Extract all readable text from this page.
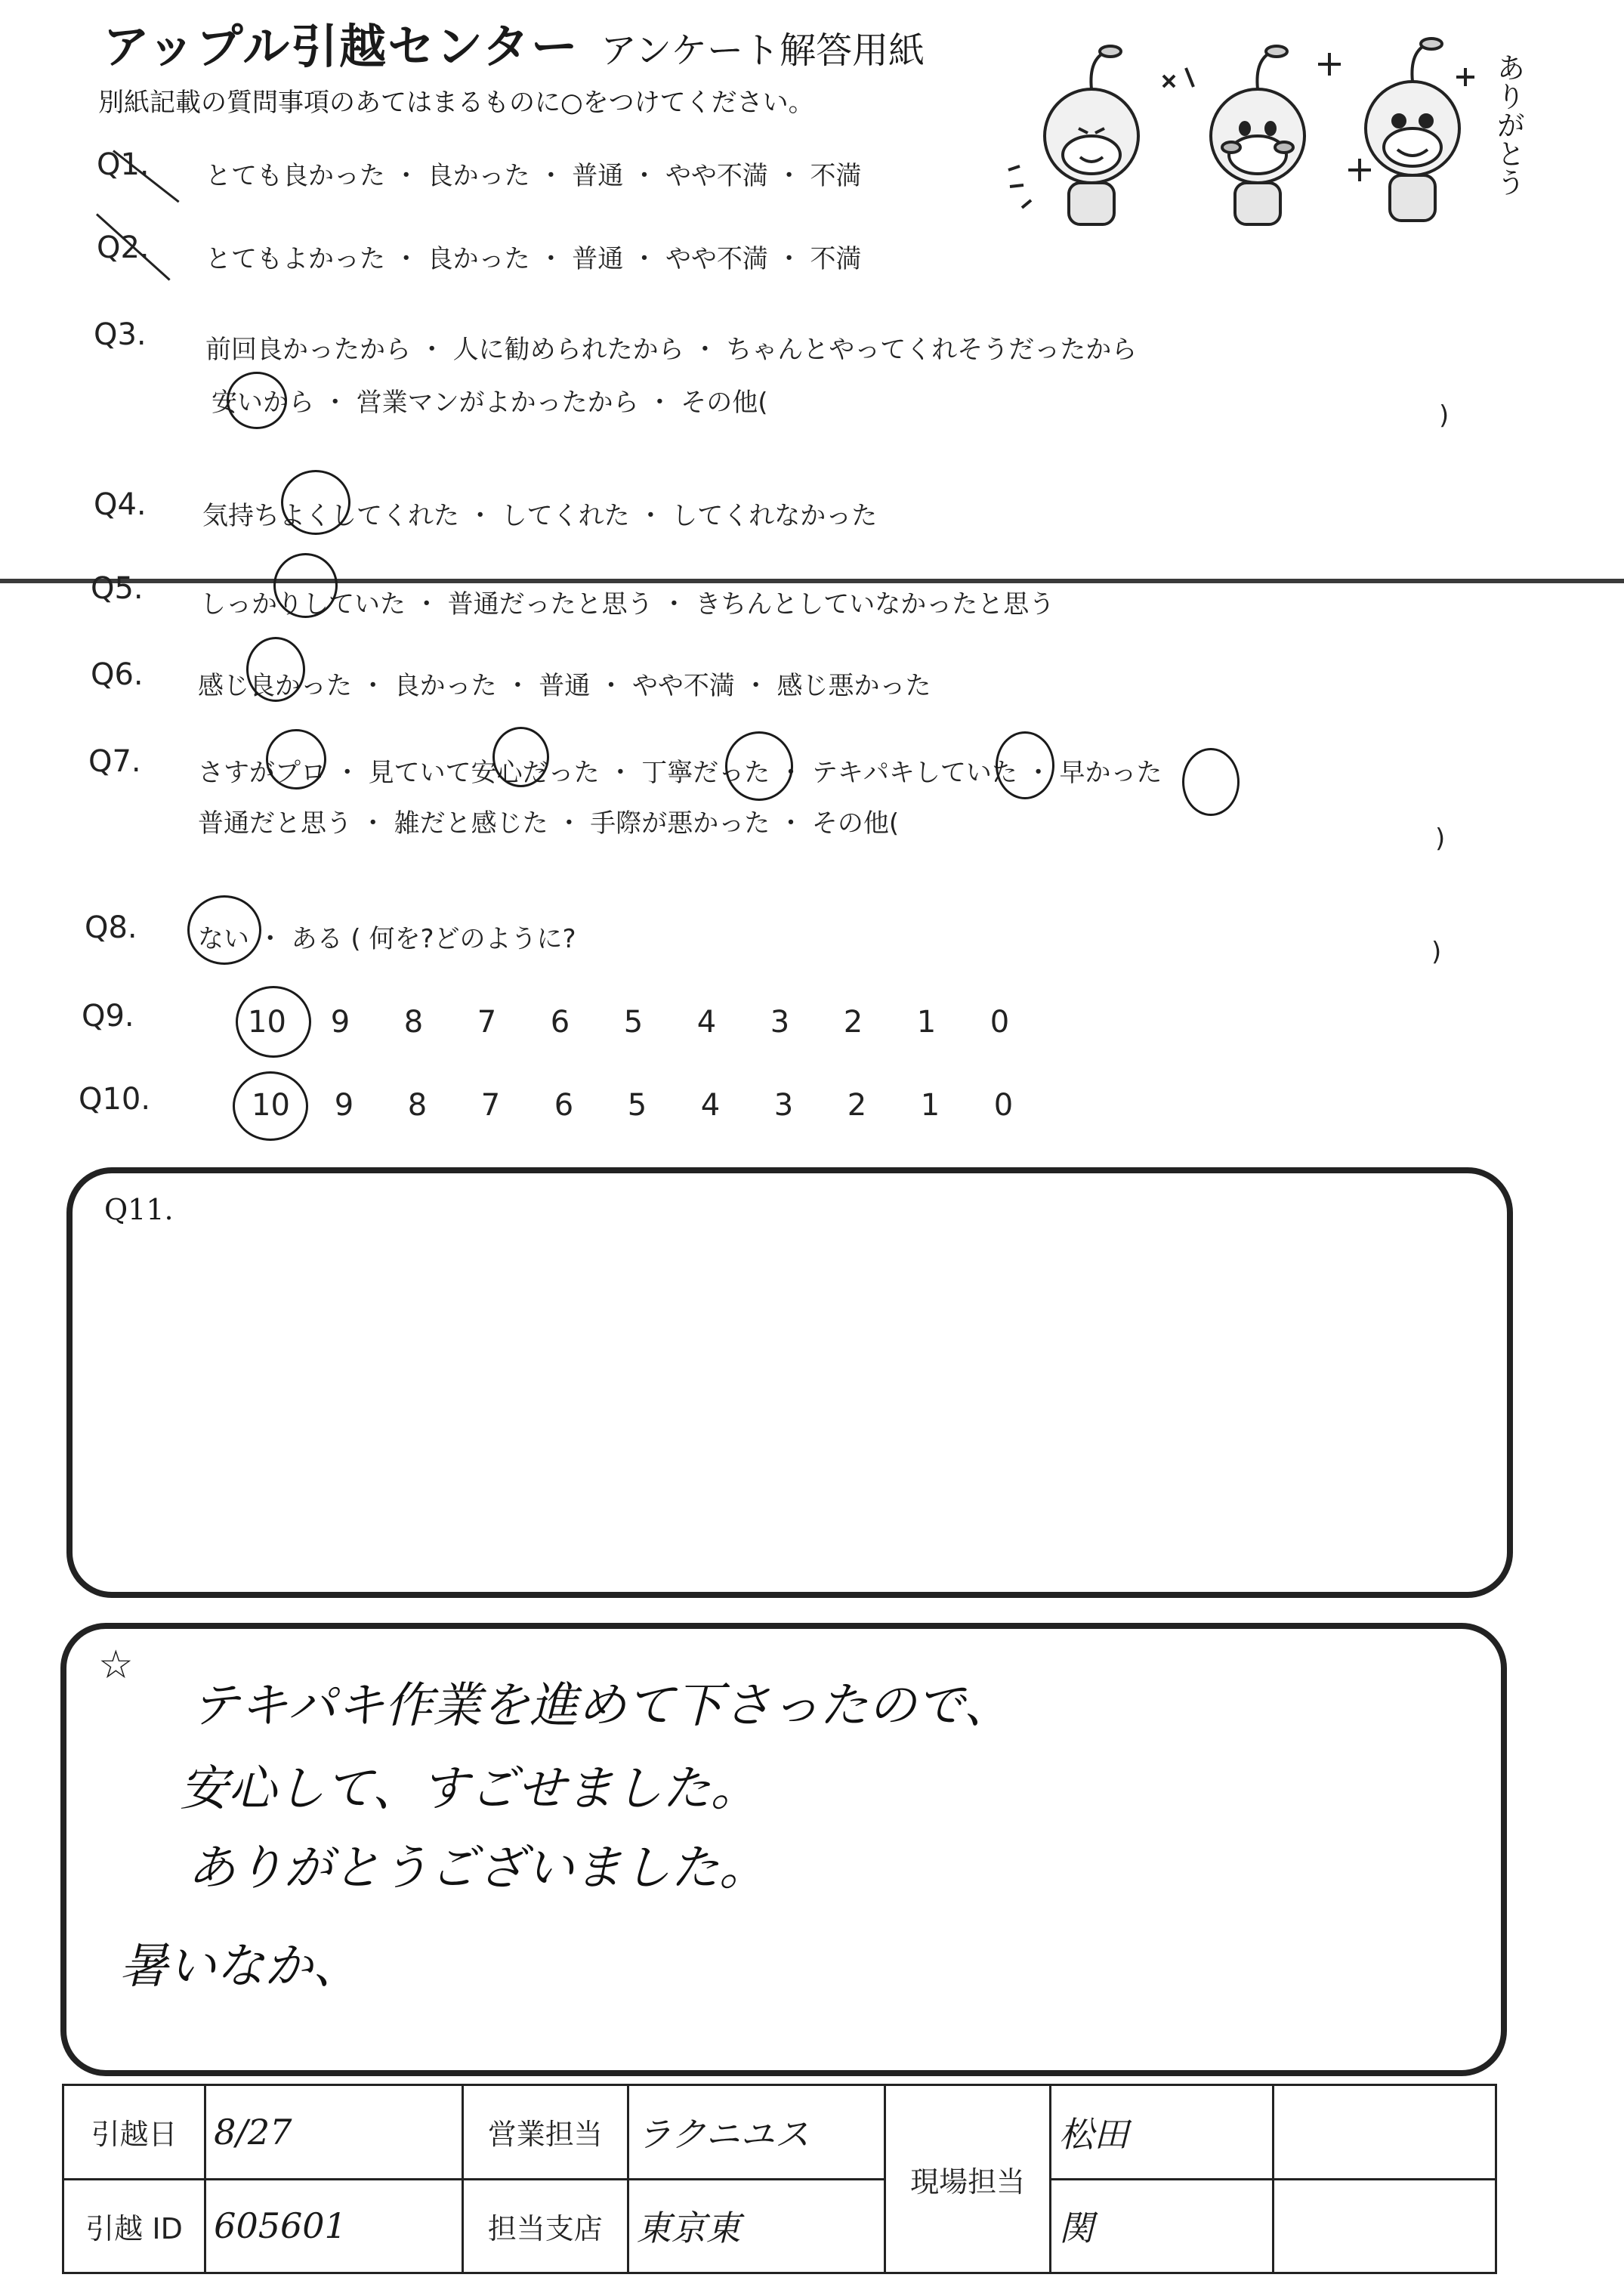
アップル引越センター アンケート解答用紙
別紙記載の質問事項のあてはまるものに○をつけてください。	ありがとう
Q1. とても良かった ・ 良かった ・ 普通 ・ やや不満 ・ 不満
Q2. とてもよかった ・ 良かった ・ 普通 ・ やや不満 ・ 不満
Q3. 前回良かったから ・ 人に勧められたから ・ ちゃんとやってくれそうだったから
安いから ・ 営業マンがよかったから ・ その他(	)
Q4. 気持ちよくしてくれた ・ してくれた ・ してくれなかった
Q5. しっかりしていた ・ 普通だったと思う ・ きちんとしていなかったと思う
Q6. 感じ良かった ・ 良かった ・ 普通 ・ やや不満 ・ 感じ悪かった
Q7. さすがプロ ・ 見ていて安心だった ・ 丁寧だった ・ テキパキしていた ・ 早かった
普通だと思う ・ 雑だと感じた ・ 手際が悪かった ・ その他(	)
Q8. ない ・ ある ( 何を?どのように?	)
Q9.	10 9 8 7 6 5 4 3 2 1 0
Q10.	10 9 8 7 6 5 4 3 2 1 0
Q11.
☆
テキパキ作業を進めて下さったので、
安心して、すごせました。
ありがとうございました。
暑いなか、
引越日	8/27	営業担当	ラクニユス	現場担当	松田	
引越 ID	605601	担当支店	東京東		関	
